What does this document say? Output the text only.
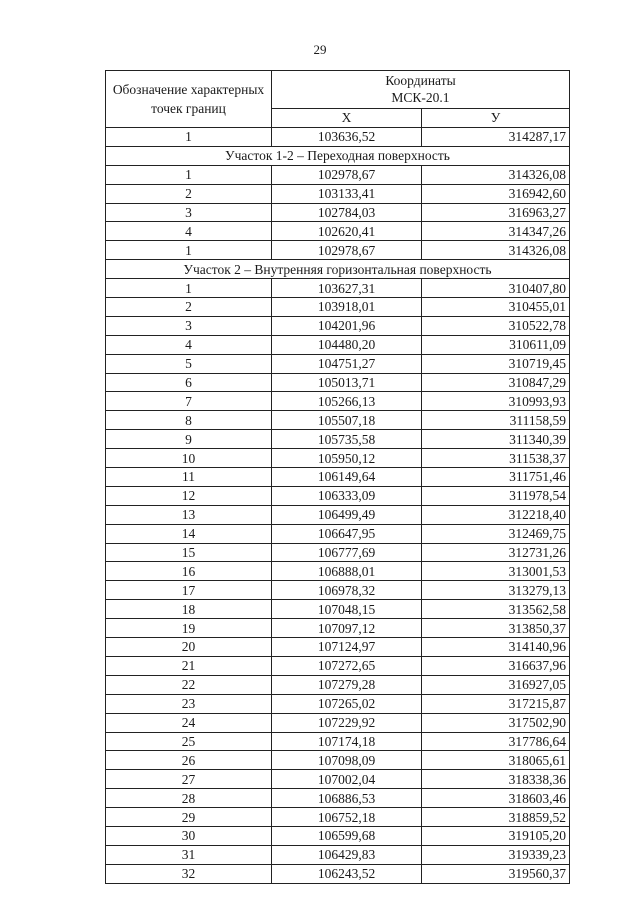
29
Обозначение характерных точек границ	Координаты
МСК-20.1	
	Х	У
1	103636,52	314287,17
Участок 1-2 – Переходная поверхность		
1	102978,67	314326,08
2	103133,41	316942,60
3	102784,03	316963,27
4	102620,41	314347,26
1	102978,67	314326,08
Участок 2 – Внутренняя горизонтальная поверхность		
1	103627,31	310407,80
2	103918,01	310455,01
3	104201,96	310522,78
4	104480,20	310611,09
5	104751,27	310719,45
6	105013,71	310847,29
7	105266,13	310993,93
8	105507,18	311158,59
9	105735,58	311340,39
10	105950,12	311538,37
11	106149,64	311751,46
12	106333,09	311978,54
13	106499,49	312218,40
14	106647,95	312469,75
15	106777,69	312731,26
16	106888,01	313001,53
17	106978,32	313279,13
18	107048,15	313562,58
19	107097,12	313850,37
20	107124,97	314140,96
21	107272,65	316637,96
22	107279,28	316927,05
23	107265,02	317215,87
24	107229,92	317502,90
25	107174,18	317786,64
26	107098,09	318065,61
27	107002,04	318338,36
28	106886,53	318603,46
29	106752,18	318859,52
30	106599,68	319105,20
31	106429,83	319339,23
32	106243,52	319560,37
